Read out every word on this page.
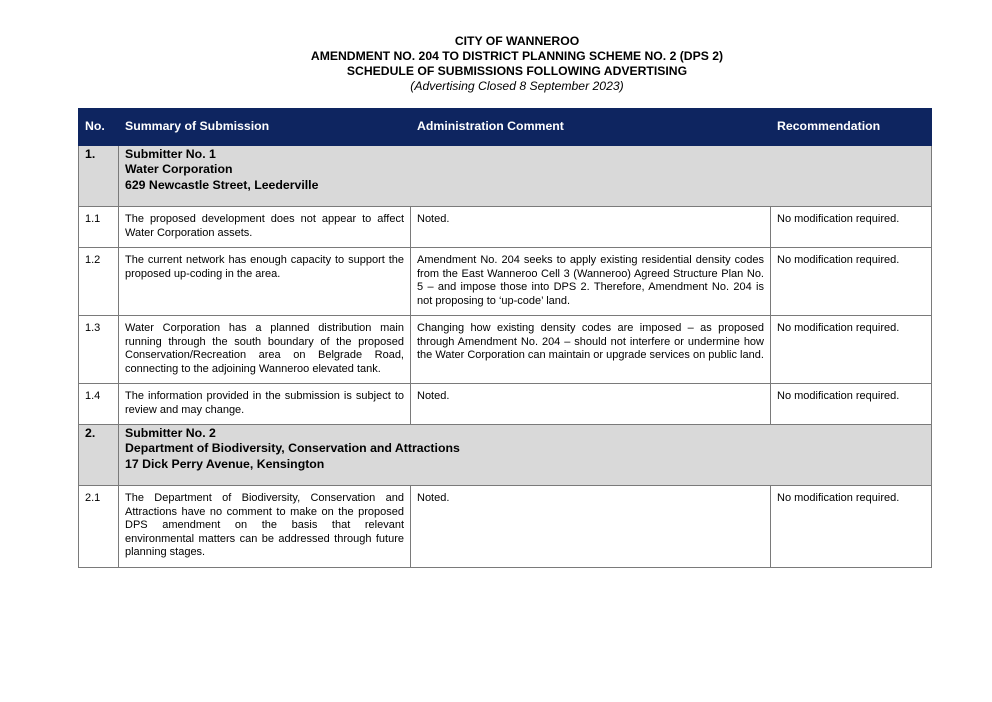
CITY OF WANNEROO
AMENDMENT NO. 204 TO DISTRICT PLANNING SCHEME NO. 2 (DPS 2)
SCHEDULE OF SUBMISSIONS FOLLOWING ADVERTISING
(Advertising Closed 8 September 2023)
No.	Summary of Submission	Administration Comment	Recommendation
1.	Submitter No. 1
Water Corporation
629 Newcastle Street, Leederville		

1.1	The proposed development does not appear to affect Water Corporation assets.	Noted.	No modification required.
1.2	The current network has enough capacity to support the proposed up-coding in the area.	Amendment No. 204 seeks to apply existing residential density codes from the East Wanneroo Cell 3 (Wanneroo) Agreed Structure Plan No. 5 – and impose those into DPS 2. Therefore, Amendment No. 204 is not proposing to ‘up-code’ land.	No modification required.
1.3	Water Corporation has a planned distribution main running through the south boundary of the proposed Conservation/Recreation area on Belgrade Road, connecting to the adjoining Wanneroo elevated tank.	Changing how existing density codes are imposed – as proposed through Amendment No. 204 – should not interfere or undermine how the Water Corporation can maintain or upgrade services on public land.	No modification required.
1.4	The information provided in the submission is subject to review and may change.	Noted.	No modification required.
2.	Submitter No. 2
Department of Biodiversity, Conservation and Attractions
17 Dick Perry Avenue, Kensington		

2.1	The Department of Biodiversity, Conservation and Attractions have no comment to make on the proposed DPS amendment on the basis that relevant environmental matters can be addressed through future planning stages.	Noted.	No modification required.
